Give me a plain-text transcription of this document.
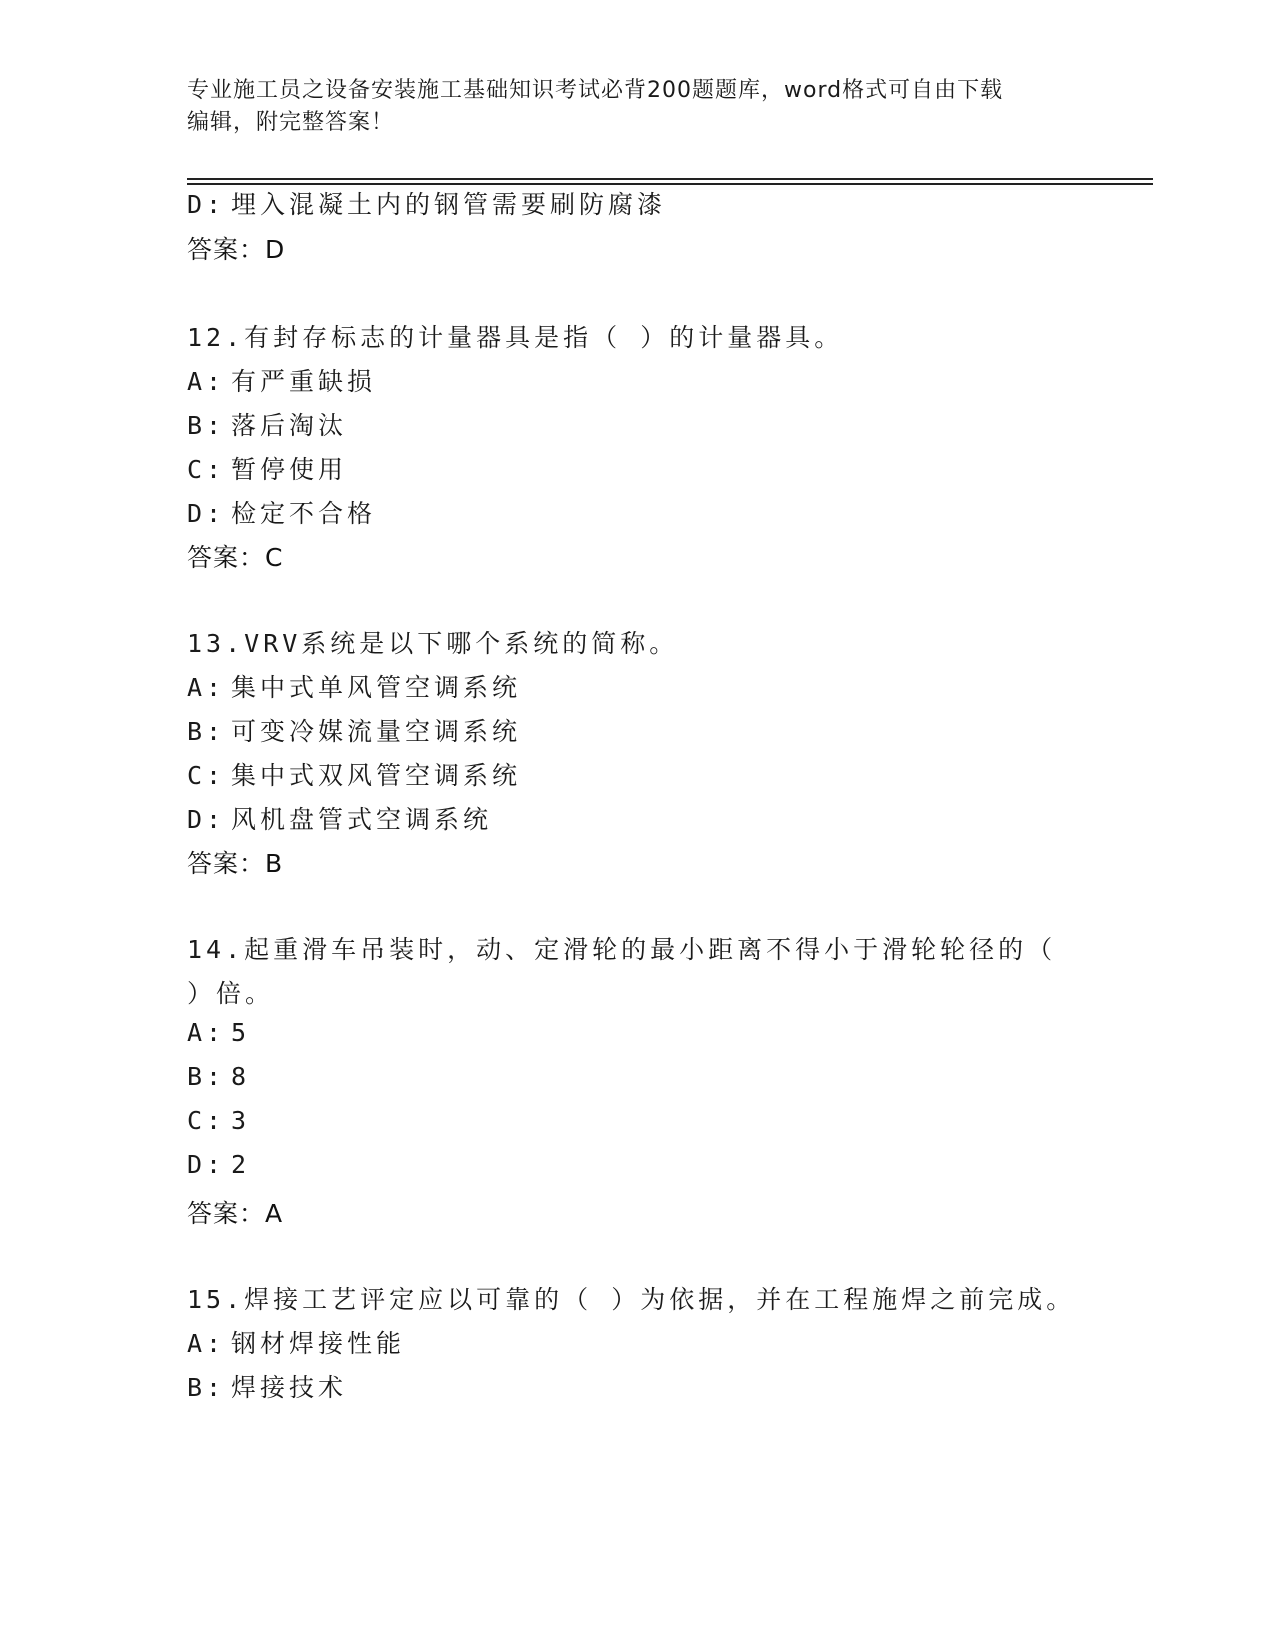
专业施工员之设备安装施工基础知识考试必背200题题库，word格式可自由下载
编辑，附完整答案！
D: 埋入混凝土内的钢管需要刷防腐漆
答案：D
12.有封存标志的计量器具是指（ ）的计量器具。
A: 有严重缺损
B: 落后淘汰
C: 暂停使用
D: 检定不合格
答案：C
13.VRV系统是以下哪个系统的简称。
A: 集中式单风管空调系统
B: 可变冷媒流量空调系统
C: 集中式双风管空调系统
D: 风机盘管式空调系统
答案：B
14.起重滑车吊装时，动、定滑轮的最小距离不得小于滑轮轮径的（
）倍。
A: 5
B: 8
C: 3
D: 2
答案：A
15.焊接工艺评定应以可靠的（ ）为依据，并在工程施焊之前完成。
A: 钢材焊接性能
B: 焊接技术
